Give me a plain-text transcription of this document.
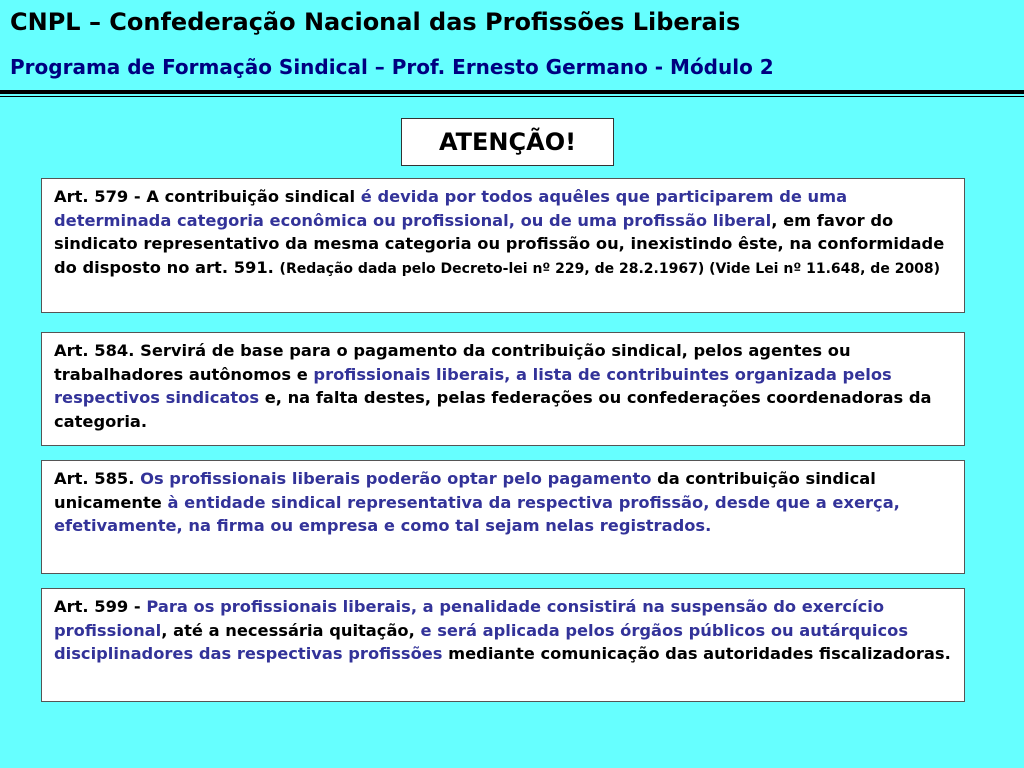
CNPL – Confederação Nacional das Profissões Liberais
Programa de Formação Sindical – Prof. Ernesto Germano - Módulo 2
ATENÇÃO!
Art. 579 - A contribuição sindical é devida por todos aquêles que participarem de uma determinada categoria econômica ou profissional, ou de uma profissão liberal, em favor do sindicato representativo da mesma categoria ou profissão ou, inexistindo êste, na conformidade do disposto no art. 591. (Redação dada pelo Decreto-lei nº 229, de 28.2.1967) (Vide Lei nº 11.648, de 2008)
Art. 584. Servirá de base para o pagamento da contribuição sindical, pelos agentes ou trabalhadores autônomos e profissionais liberais, a lista de contribuintes organizada pelos respectivos sindicatos e, na falta destes, pelas federações ou confederações coordenadoras da categoria.
Art. 585. Os profissionais liberais poderão optar pelo pagamento da contribuição sindical unicamente à entidade sindical representativa da respectiva profissão, desde que a exerça, efetivamente, na firma ou empresa e como tal sejam nelas registrados.
Art. 599 - Para os profissionais liberais, a penalidade consistirá na suspensão do exercício profissional, até a necessária quitação, e será aplicada pelos órgãos públicos ou autárquicos disciplinadores das respectivas profissões mediante comunicação das autoridades fiscalizadoras.
